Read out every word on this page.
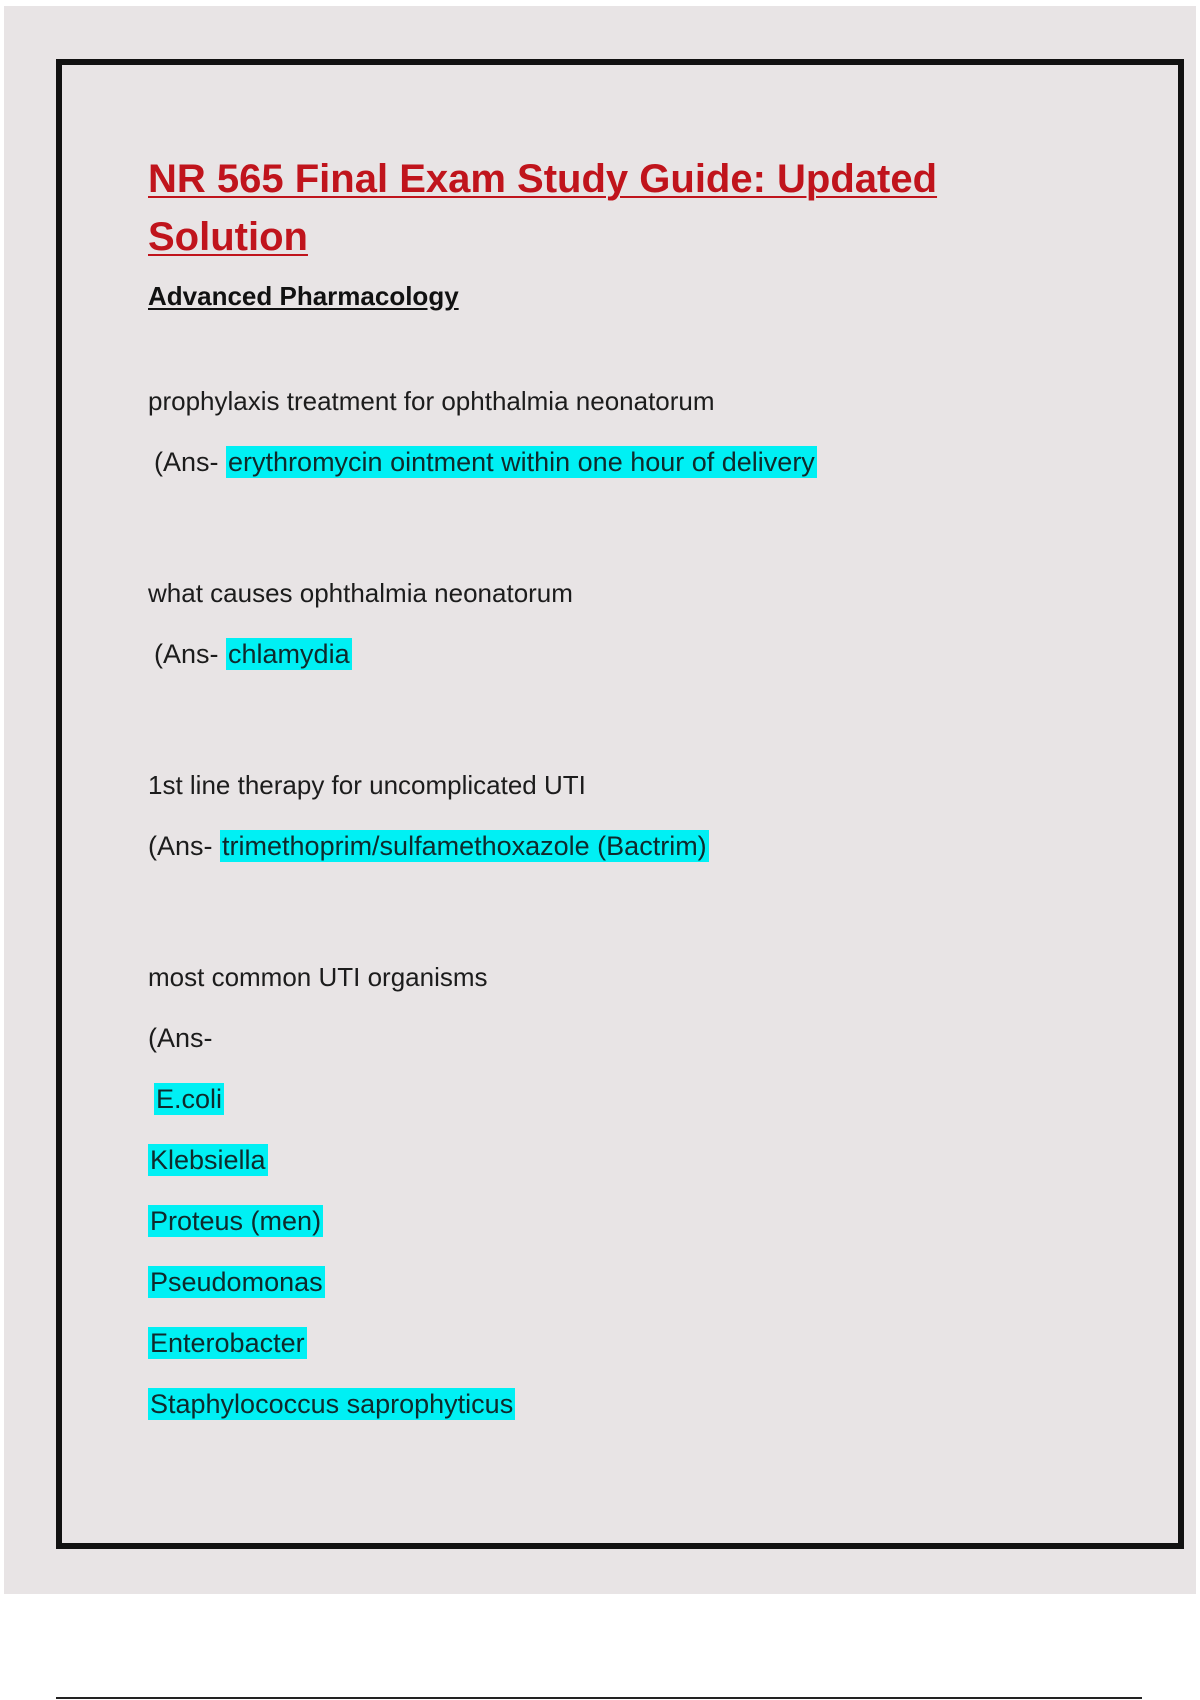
NR 565 Final Exam Study Guide: Updated Solution
Advanced Pharmacology
prophylaxis treatment for ophthalmia neonatorum
(Ans- erythromycin ointment within one hour of delivery
what causes ophthalmia neonatorum
(Ans- chlamydia
1st line therapy for uncomplicated UTI
(Ans- trimethoprim/sulfamethoxazole (Bactrim)
most common UTI organisms
(Ans-
E.coli
Klebsiella
Proteus (men)
Pseudomonas
Enterobacter
Staphylococcus saprophyticus
